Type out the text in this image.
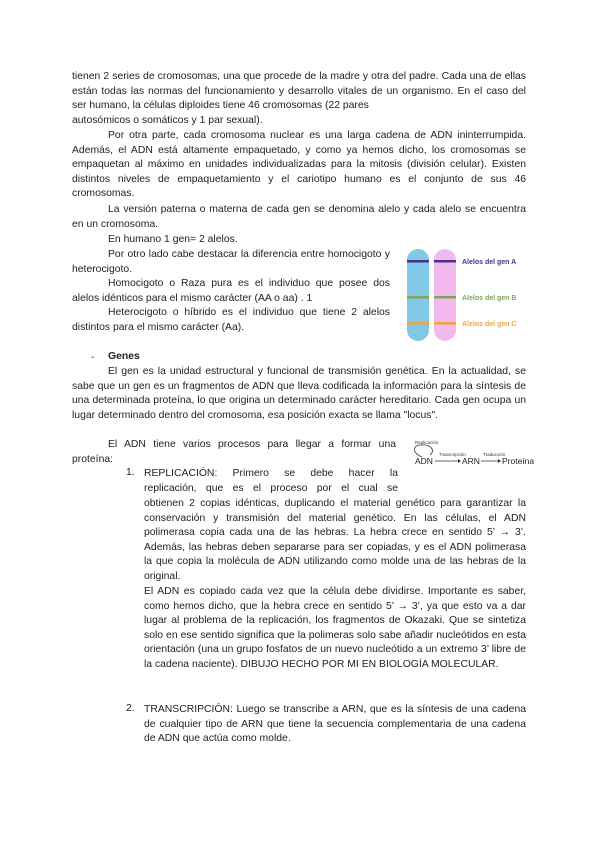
tienen 2 series de cromosomas, una que procede de la madre y otra del padre. Cada una de ellas están todas las normas del funcionamiento y desarrollo vitales de un organismo. En el caso del ser humano, la células diploides tiene 46 cromosomas (22 pares

autosómicos o somáticos y 1 par sexual).

Por otra parte, cada cromosoma nuclear es una larga cadena de ADN ininterrumpida. Además, el ADN está altamente empaquetado, y como ya hemos dicho, los cromosomas se empaquetan al máximo en unidades individualizadas para la mitosis (división celular). Existen distintos niveles de empaquetamiento y el cariotipo humano es el conjunto de sus 46 cromosomas.

La versión paterna o materna de cada gen se denomina alelo y cada alelo se encuentra en un cromosoma.

En humano 1 gen= 2 alelos.

Por otro lado cabe destacar la diferencia entre homocigoto y heterocigoto.

Homocigoto o Raza pura es el individuo que posee dos alelos idénticos para el mismo carácter (AA o aa) . 1

Heterocigoto o híbrido es el individuo que tiene 2 alelos distintos para el mismo carácter (Aa).

Alelos del gen A
Alelos del gen B
Alelos del gen C
- Genes

El gen es la unidad estructural y funcional de transmisión genética. En la actualidad, se sabe que un gen es un fragmentos de ADN que lleva codificada la información para la síntesis de una determinada proteína, lo que origina un determinado carácter hereditario. Cada gen ocupa un lugar determinado dentro del cromosoma, esa posición exacta se llama "locus".

El ADN tiene varios procesos para llegar a formar una proteína:

Replicación
ADN
Transcripción
ARN
Traducción
Proteína
1. REPLICACIÓN: Primero se debe hacer la

replicación, que es el proceso por el cual se

obtienen 2 copias idénticas, duplicando el material genético para garantizar la conservación y transmisión del material genético. En las células, el ADN polimerasa copia cada una de las hebras. La hebra crece en sentido 5’ → 3’. Además, las hebras deben separarse para ser copiadas, y es el ADN polimerasa la que copia la molécula de ADN utilizando como molde una de las hebras de la original.

El ADN es copiado cada vez que la célula debe dividirse. Importante es saber, como hemos dicho, que la hebra crece en sentido 5’ → 3’, ya que esto va a dar lugar al problema de la replicación, los fragmentos de Okazaki. Que se sintetiza solo en ese sentido significa que la polimeras solo sabe añadir nucleótidos en esta orientación (una un grupo fosfatos de un nuevo nucleótido a un extremo 3’ libre de la cadena naciente). DIBUJO HECHO POR MI EN BIOLOGÍA MOLECULAR.

2. TRANSCRIPCIÓN: Luego se transcribe a ARN, que es la síntesis de una cadena de cualquier tipo de ARN que tiene la secuencia complementaria de una cadena de ADN que actúa como molde.
